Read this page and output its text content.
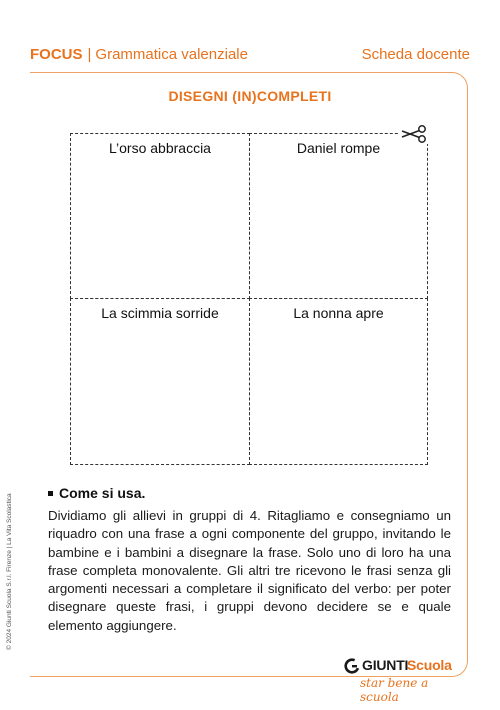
FOCUS | Grammatica valenziale	Scheda docente
DISEGNI (IN)COMPLETI
L’orso abbraccia	Daniel rompe
La scimmia sorride	La nonna apre
Come si usa.
Dividiamo gli allievi in gruppi di 4. Ritagliamo e consegniamo un riquadro con una frase a ogni componente del gruppo, invitando le bambine e i bambini a disegnare la frase. Solo uno di loro ha una frase completa monovalente. Gli altri tre ricevono le frasi senza gli argomenti necessari a completare il significato del verbo: per poter disegnare queste frasi, i gruppi devono decidere se e quale elemento aggiungere.
© 2024 Giunti Scuola S.r.l. Firenze | La Vita Scolastica
GIUNTI
Scuola
star bene a scuola
